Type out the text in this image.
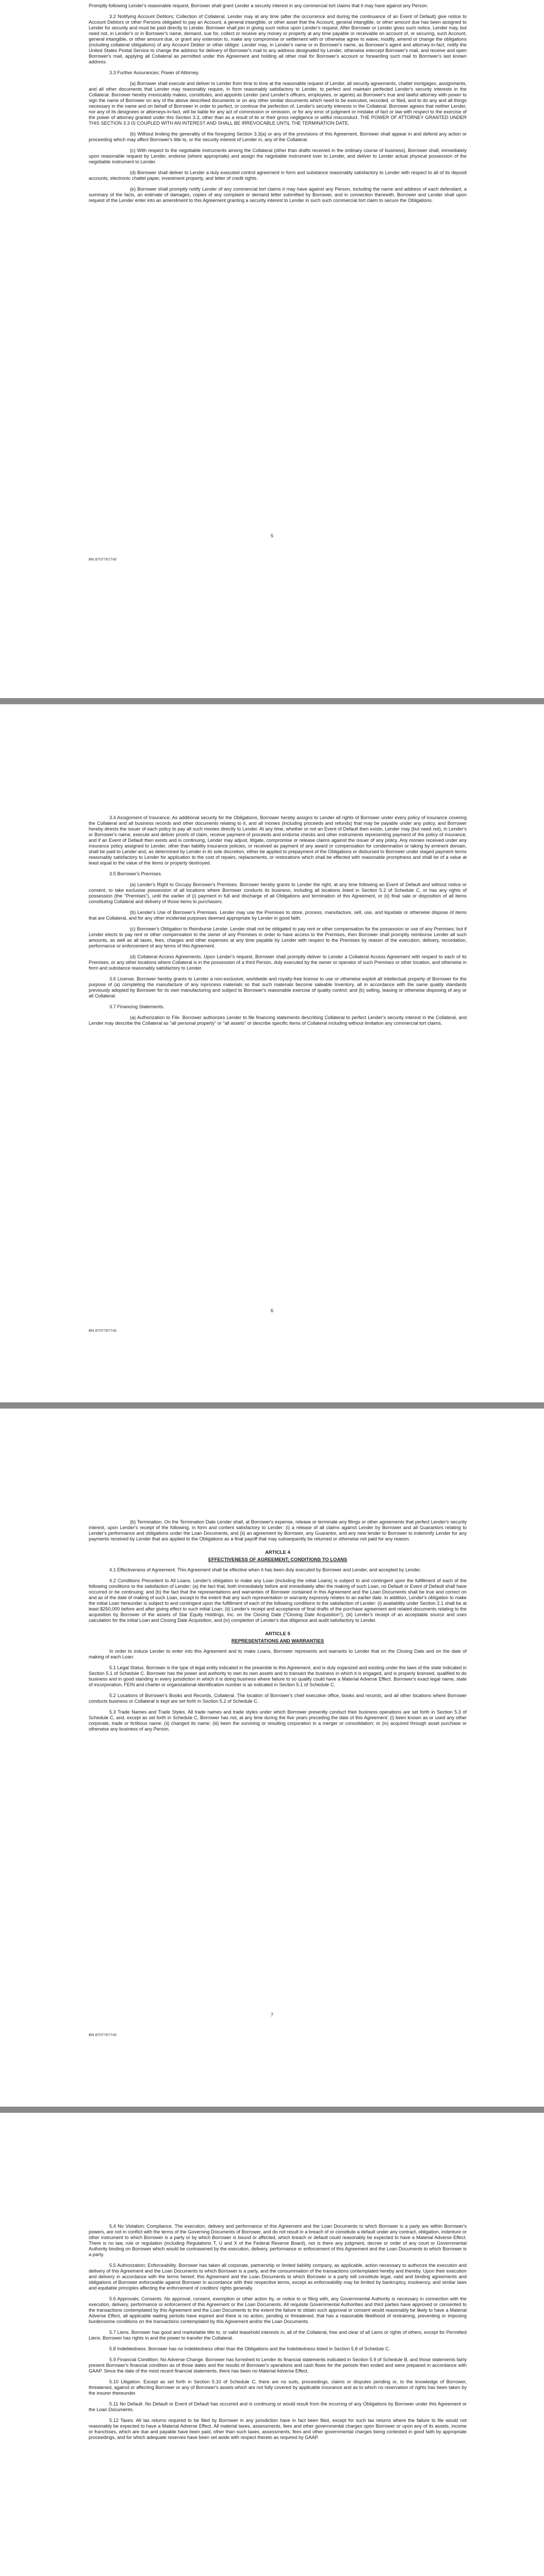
Promptly following Lender's reasonable request, Borrower shall grant Lender a security interest in any commercial tort claims that it may have against any Person.

3.2 Notifying Account Debtors; Collection of Collateral. Lender may at any time (after the occurrence and during the continuance of an Event of Default) give notice to Account Debtors or other Persons obligated to pay an Account, a general intangible, or other asset that the Account, general intangible, or other amount due has been assigned to Lender for security and must be paid directly to Lender. Borrower shall join in giving such notice upon Lender's request. After Borrower or Lender gives such notice, Lender may, but need not, in Lender's or in Borrower's name, demand, sue for, collect or receive any money or property at any time payable or receivable on account of, or securing, such Account, general intangible, or other amount due, or grant any extension to, make any compromise or settlement with or otherwise agree to waive, modify, amend or change the obligations (including collateral obligations) of any Account Debtor or other obligor. Lender may, in Lender's name or in Borrower's name, as Borrower's agent and attorney-in-fact, notify the United States Postal Service to change the address for delivery of Borrower's mail to any address designated by Lender, otherwise intercept Borrower's mail, and receive and open Borrower's mail, applying all Collateral as permitted under this Agreement and holding all other mail for Borrower's account or forwarding such mail to Borrower's last known address.

3.3 Further Assurances; Power of Attorney.

(a) Borrower shall execute and deliver to Lender from time to time at the reasonable request of Lender, all security agreements, chattel mortgages, assignments, and all other documents that Lender may reasonably require, in form reasonably satisfactory to Lender, to perfect and maintain perfected Lender's security interests in the Collateral. Borrower hereby irrevocably makes, constitutes, and appoints Lender (and Lender's officers, employees, or agents) as Borrower's true and lawful attorney with power to sign the name of Borrower on any of the above described documents or on any other similar documents which need to be executed, recorded, or filed, and to do any and all things necessary in the name and on behalf of Borrower in order to perfect, or continue the perfection of, Lender's security interests in the Collateral. Borrower agrees that neither Lender, nor any of its designees or attorneys-in-fact, will be liable for any act of commission or omission, or for any error of judgment or mistake of fact or law with respect to the exercise of the power of attorney granted under this Section 3.3, other than as a result of its or their gross negligence or willful misconduct. THE POWER OF ATTORNEY GRANTED UNDER THIS SECTION 3.3 IS COUPLED WITH AN INTEREST AND SHALL BE IRREVOCABLE UNTIL THE TERMINATION DATE.

(b) Without limiting the generality of the foregoing Section 3.3(a) or any of the provisions of this Agreement, Borrower shall appear in and defend any action or proceeding which may affect Borrower's title to, or the security interest of Lender in, any of the Collateral.

(c) With respect to the negotiable instruments among the Collateral (other than drafts received in the ordinary course of business), Borrower shall, immediately upon reasonable request by Lender, endorse (where appropriate) and assign the negotiable instrument over to Lender, and deliver to Lender actual physical possession of the negotiable instrument to Lender.

(d) Borrower shall deliver to Lender a duly executed control agreement in form and substance reasonably satisfactory to Lender with respect to all of its deposit accounts, electronic chattel paper, investment property, and letter of credit rights.

(e) Borrower shall promptly notify Lender of any commercial tort claims it may have against any Person, including the name and address of each defendant, a summary of the facts, an estimate of damages, copies of any complaint or demand letter submitted by Borrower, and in connection therewith, Borrower and Lender shall upon request of the Lender enter into an amendment to this Agreement granting a security interest to Lender in such such commercial tort claim to secure the Obligations.

5
BN 87077677v6

3.4 Assignment of Insurance. As additional security for the Obligations, Borrower hereby assigns to Lender all rights of Borrower under every policy of insurance covering the Collateral and all business records and other documents relating to it, and all monies (including proceeds and refunds) that may be payable under any policy, and Borrower hereby directs the issuer of each policy to pay all such monies directly to Lender. At any time, whether or not an Event of Default then exists, Lender may (but need not), in Lender's or Borrower's name, execute and deliver proofs of claim, receive payment of proceeds and endorse checks and other instruments representing payment of the policy of insurance, and if an Event of Default then exists and is continuing, Lender may adjust, litigate, compromise or release claims against the issuer of any policy. Any monies received under any insurance policy assigned to Lender, other than liability insurance policies, or received as payment of any award or compensation for condemnation or taking by eminent domain, shall be paid to Lender and, as determined by Lender in its sole discretion, either be applied to prepayment of the Obligations or disbursed to Borrower under staged payment terms reasonably satisfactory to Lender for application to the cost of repairs, replacements, or restorations which shall be effected with reasonable promptness and shall be of a value at least equal to the value of the items or property destroyed.

3.5 Borrower's Premises.

(a) Lender's Right to Occupy Borrower's Premises. Borrower hereby grants to Lender the right, at any time following an Event of Default and without notice or consent, to take exclusive possession of all locations where Borrower conducts its business, including all locations listed in Section 5.2 of Schedule C, or has any rights of possession (the "Premises"), until the earlier of (i) payment in full and discharge of all Obligations and termination of this Agreement, or (ii) final sale or disposition of all items constituting Collateral and delivery of those items to purchasers.

(b) Lender's Use of Borrower's Premises. Lender may use the Premises to store, process, manufacture, sell, use, and liquidate or otherwise dispose of items that are Collateral, and for any other incidental purposes deemed appropriate by Lender in good faith.

(c) Borrower's Obligation to Reimburse Lender. Lender shall not be obligated to pay rent or other compensation for the possession or use of any Premises; but if Lender elects to pay rent or other compensation to the owner of any Premises in order to have access to the Premises, then Borrower shall promptly reimburse Lender all such amounts, as well as all taxes, fees, charges and other expenses at any time payable by Lender with respect to the Premises by reason of the execution, delivery, recordation, performance or enforcement of any terms of this Agreement.

(d) Collateral Access Agreements. Upon Lender's request, Borrower shall promptly deliver to Lender a Collateral Access Agreement with respect to each of its Premises, or any other locations where Collateral is in the possession of a third Person, duly executed by the owner or operator of such Premises or other location, and otherwise in form and substance reasonably satisfactory to Lender.

3.6 License. Borrower hereby grants to Lender a non-exclusive, worldwide and royalty-free license to use or otherwise exploit all intellectual property of Borrower for the purpose of (a) completing the manufacture of any inprocess materials so that such materials become saleable Inventory, all in accordance with the same quality standards previously adopted by Borrower for its own manufacturing and subject to Borrower's reasonable exercise of quality control; and (b) selling, leasing or otherwise disposing of any or all Collateral.

3.7 Financing Statements.

(a) Authorization to File. Borrower authorizes Lender to file financing statements describing Collateral to perfect Lender's security interest in the Collateral, and Lender may describe the Collateral as "all personal property" or "all assets" or describe specific items of Collateral including without limitation any commercial tort claims.

6
BN 87077677v6

(b) Termination. On the Termination Date Lender shall, at Borrower's expense, release or terminate any filings or other agreements that perfect Lender's security interest, upon Lender's receipt of the following, in form and content satisfactory to Lender: (i) a release of all claims against Lender by Borrower and all Guarantors relating to Lender's performance and obligations under the Loan Documents, and (ii) an agreement by Borrower, any Guarantor, and any new lender to Borrower to indemnify Lender for any payments received by Lender that are applied to the Obligations as a final payoff that may subsequently be returned or otherwise not paid for any reason.

ARTICLE 4
EFFECTIVENESS OF AGREEMENT; CONDITIONS TO LOANS

4.1 Effectiveness of Agreement. This Agreement shall be effective when it has been duly executed by Borrower and Lender, and accepted by Lender.

4.2 Conditions Precedent to All Loans. Lender's obligation to make any Loan (including the initial Loans) is subject to and contingent upon the fulfillment of each of the following conditions to the satisfaction of Lender: (a) the fact that, both immediately before and immediately after the making of such Loan, no Default or Event of Default shall have occurred or be continuing; and (b) the fact that the representations and warranties of Borrower contained in this Agreement and the Loan Documents shall be true and correct on and as of the date of making of such Loan, except to the extent that any such representation or warranty expressly relates to an earlier date. In addition, Lender's obligation to make the initial Loan hereunder is subject to and contingent upon the fulfillment of each of the following conditions to the satisfaction of Lender: (i) availability under Section 2.1 shall be at least $250,000 before and after giving effect to such initial Loan; (ii) Lender's receipt and acceptance of final drafts of the purchase agreement and related documents relating to the acquisition by Borrower of the assets of Star Equity Holdings, Inc. on the Closing Date ("Closing Date Acquisition"), (iii) Lender's receipt of an acceptable source and uses calculation for the initial Loan and Closing Date Acquisition, and (iv) completion of Lender's due diligence and audit satisfactory to Lender.

ARTICLE 5
REPRESENTATIONS AND WARRANTIES

In order to induce Lender to enter into this Agreement and to make Loans, Borrower represents and warrants to Lender that on the Closing Date and on the date of making of each Loan:

5.1 Legal Status. Borrower is the type of legal entity indicated in the preamble to this Agreement, and is duly organized and existing under the laws of the state indicated in Section 5.1 of Schedule C. Borrower has the power and authority to own its own assets and to transact the business in which it is engaged, and is properly licensed, qualified to do business and in good standing in every jurisdiction in which it is doing business where failure to so qualify could have a Material Adverse Effect. Borrower's exact legal name, state of incorporation, FEIN and charter or organizational identification number is as indicated in Section 5.1 of Schedule C.

5.2 Locations of Borrower's Books and Records, Collateral. The location of Borrower's chief executive office, books and records, and all other locations where Borrower conducts business or Collateral is kept are set forth in Section 5.2 of Schedule C.

5.3 Trade Names and Trade Styles. All trade names and trade styles under which Borrower presently conduct their business operations are set forth in Section 5.3 of Schedule C, and, except as set forth in Schedule C, Borrower has not, at any time during the five years preceding the date of this Agreement: (i) been known as or used any other corporate, trade or fictitious name; (ii) changed its name; (iii) been the surviving or resulting corporation in a merger or consolidation; or (iv) acquired through asset purchase or otherwise any business of any Person.

7
BN 87077677v6

5.4 No Violation; Compliance. The execution, delivery and performance of this Agreement and the Loan Documents to which Borrower is a party are within Borrower's powers, are not in conflict with the terms of the Governing Documents of Borrower, and do not result in a breach of or constitute a default under any contract, obligation, indenture or other instrument to which Borrower is a party or by which Borrower is bound or affected, which breach or default could reasonably be expected to have a Material Adverse Effect. There is no law, rule or regulation (including Regulations T, U and X of the Federal Reserve Board), nor is there any judgment, decree or order of any court or Governmental Authority binding on Borrower which would be contravened by the execution, delivery, performance or enforcement of this Agreement and the Loan Documents to which Borrower is a party.

5.5 Authorization; Enforceability. Borrower has taken all corporate, partnership or limited liability company, as applicable, action necessary to authorize the execution and delivery of this Agreement and the Loan Documents to which Borrower is a party, and the consummation of the transactions contemplated hereby and thereby. Upon their execution and delivery in accordance with the terms hereof, this Agreement and the Loan Documents to which Borrower is a party will constitute legal, valid and binding agreements and obligations of Borrower enforceable against Borrower in accordance with their respective terms, except as enforceability may be limited by bankruptcy, insolvency, and similar laws and equitable principles affecting the enforcement of creditors' rights generally.

5.6 Approvals; Consents. No approval, consent, exemption or other action by, or notice to or filing with, any Governmental Authority is necessary in connection with the execution, delivery, performance or enforcement of this Agreement or the Loan Documents. All requisite Governmental Authorities and third parties have approved or consented to the transactions contemplated by this Agreement and the Loan Documents to the extent the failure to obtain such approval or consent would reasonably be likely to have a Material Adverse Effect, all applicable waiting periods have expired and there is no action, pending or threatened, that has a reasonable likelihood of restraining, preventing or imposing burdensome conditions on the transactions contemplated by this Agreement and/or the Loan Documents.

5.7 Liens. Borrower has good and marketable title to, or valid leasehold interests in, all of the Collateral, free and clear of all Liens or rights of others, except for Permitted Liens. Borrower has rights in and the power to transfer the Collateral.

5.8 Indebtedness. Borrower has no Indebtedness other than the Obligations and the Indebtedness listed in Section 5.8 of Schedule C.

5.9 Financial Condition; No Adverse Change. Borrower has furnished to Lender its financial statements indicated in Section 5.9 of Schedule B, and those statements fairly present Borrower's financial condition as of those dates and the results of Borrower's operations and cash flows for the periods then ended and were prepared in accordance with GAAP. Since the date of the most recent financial statements, there has been no Material Adverse Effect.

5.10 Litigation. Except as set forth in Section 5.10 of Schedule C, there are no suits, proceedings, claims or disputes pending or, to the knowledge of Borrower, threatened, against or affecting Borrower or any of Borrower's assets which are not fully covered by applicable insurance and as to which no reservation of rights has been taken by the insurer thereunder.

5.11 No Default. No Default or Event of Default has occurred and is continuing or would result from the incurring of any Obligations by Borrower under this Agreement or the Loan Documents.

5.12 Taxes. All tax returns required to be filed by Borrower in any jurisdiction have in fact been filed, except for such tax returns where the failure to file would not reasonably be expected to have a Material Adverse Effect. All material taxes, assessments, fees and other governmental charges upon Borrower or upon any of its assets, income or franchises, which are due and payable have been paid, other than such taxes, assessments, fees and other governmental charges being contested in good faith by appropriate proceedings, and for which adequate reserves have been set aside with respect thereto as required by GAAP.
